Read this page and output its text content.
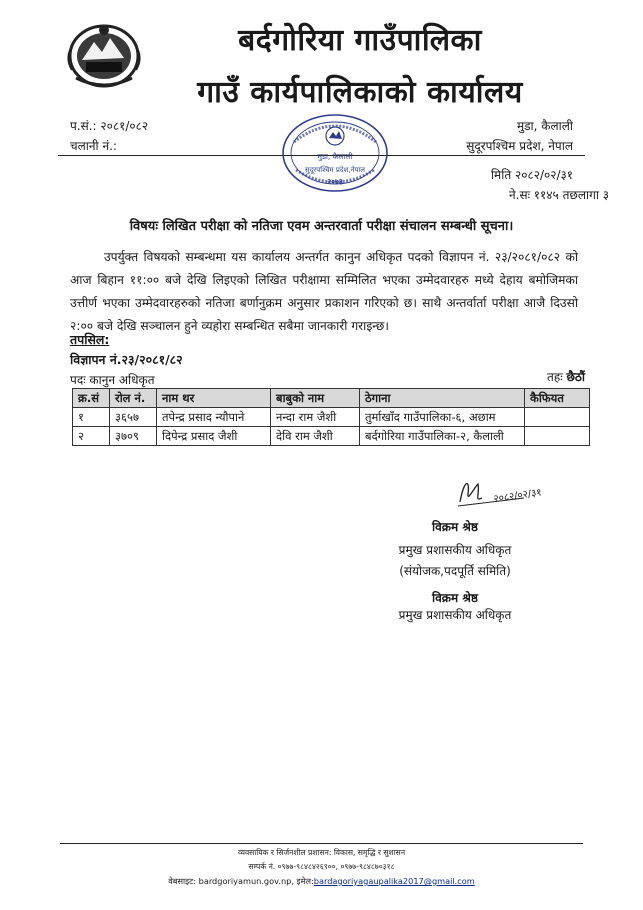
बर्दगोरिया गाउँपालिका
गाउँ कार्यपालिकाको कार्यालय
प.सं.: २०८१/०८२
चलानी नं.:
मुडा, कैलाली
सुदूरपश्चिम प्रदेश, नेपाल
मुडा, कैलाली
सुदूरपश्चिम प्रदेश,नेपाल
२०७३	मिति २०८२/०२/३१
ने.सः ११४५ तछलागा ३
विषयः लिखित परीक्षा को नतिजा एवम अन्तरवार्ता परीक्षा संचालन सम्बन्धी सूचना।
उपर्युक्त विषयको सम्बन्धमा यस कार्यालय अन्तर्गत कानुन अधिकृत पदको विज्ञापन नं. २३/२०८१/०८२ को आज बिहान ११:०० बजे देखि लिइएको लिखित परीक्षामा सम्मिलित भएका उम्मेदवारहरु मध्ये देहाय बमोजिमका उत्तीर्ण भएका उम्मेदवारहरुको नतिजा बर्णानुक्रम अनुसार प्रकाशन गरिएको छ। साथै अन्तर्वार्ता परीक्षा आजै दिउसो २:०० बजे देखि सञ्चालन हुने व्यहोरा सम्बन्धित सबैमा जानकारी गराइन्छ।
तपसिल:
विज्ञापन नं.२३/२०८१/८२
पदः कानुन अधिकृत	तहः छैठौं
क्र.सं	रोल नं.	नाम थर	बाबुको नाम	ठेगाना	कैफियत
१	३६५७	तपेन्द्र प्रसाद न्यौपाने	नन्दा राम जैशी	तुर्माखाँद गाउँपालिका-६, अछाम	
२	३७०९	दिपेन्द्र प्रसाद जैशी	देवि राम जैशी	बर्दगोरिया गाउँपालिका-२, कैलाली	
२०८२/०२/३१
विक्रम श्रेष्ठ
प्रमुख प्रशासकीय अधिकृत
(संयोजक,पदपूर्ति समिति)
विक्रम श्रेष्ठ
प्रमुख प्रशासकीय अधिकृत
व्यवसायिक र सिर्जनशील प्रशासन: विकास, समृद्धि र सुशासन
सम्पर्क नं. ०९७७-९८४८४२६९००, ०९७७-९८४८७०३१८
वेबसाइट: bardgoriyamun.gov.np, इमेल:bardagoriyagaupalika2017@gmail.com
